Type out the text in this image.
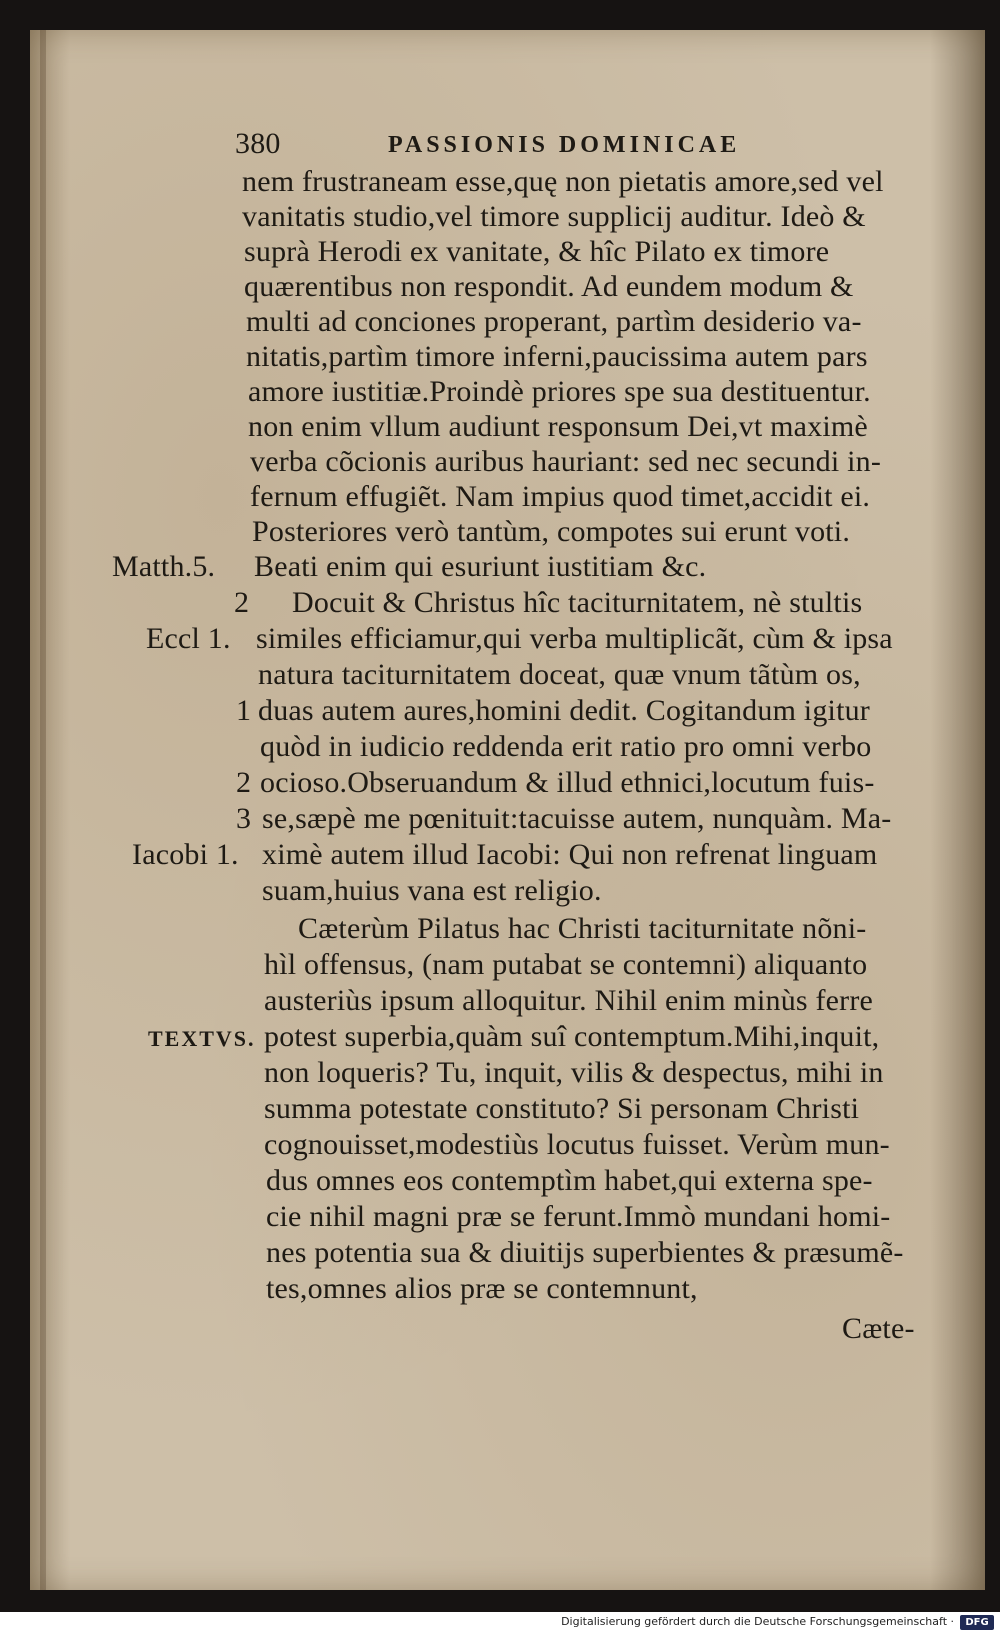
380	PASSIONIS DOMINICAE
nem frustraneam esse,quę non pietatis amore,sed vel
vanitatis studio,vel timore supplicij auditur. Ideò &
suprà Herodi ex vanitate, & hîc Pilato ex timore
quærentibus non respondit. Ad eundem modum &
multi ad conciones properant, partìm desiderio va-
nitatis,partìm timore inferni,paucissima autem pars
amore iustitiæ.Proindè priores spe sua destituentur.
non enim vllum audiunt responsum Dei,vt maximè
verba cõcionis auribus hauriant: sed nec secundi in-
fernum effugiẽt. Nam impius quod timet,accidit ei.
Posteriores verò tantùm, compotes sui erunt voti.
Beati enim qui esuriunt iustitiam &c.
Docuit & Christus hîc taciturnitatem, nè stultis
similes efficiamur,qui verba multiplicãt, cùm & ipsa
natura taciturnitatem doceat, quæ vnum tãtùm os,
duas autem aures,homini dedit. Cogitandum igitur
quòd in iudicio reddenda erit ratio pro omni verbo
ocioso.Obseruandum & illud ethnici,locutum fuis-
se,sæpè me pœnituit:tacuisse autem, nunquàm. Ma-
ximè autem illud Iacobi: Qui non refrenat linguam
suam,huius vana est religio.
Cæterùm Pilatus hac Christi taciturnitate nõni-
hìl offensus, (nam putabat se contemni) aliquanto
austeriùs ipsum alloquitur. Nihil enim minùs ferre
potest superbia,quàm suî contemptum.Mihi,inquit,
non loqueris? Tu, inquit, vilis & despectus, mihi in
summa potestate constituto? Si personam Christi
cognouisset,modestiùs locutus fuisset. Verùm mun-
dus omnes eos contemptìm habet,qui externa spe-
cie nihil magni præ se ferunt.Immò mundani homi-
nes potentia sua & diuitijs superbientes & præsumẽ-
tes,omnes alios præ se contemnunt,
Cæte-
Matth.5.
2
Eccl 1.
1
2
3
Iacobi 1.
TEXTVS.
Digitalisierung gefördert durch die Deutsche Forschungsgemeinschaft ·	DFG
